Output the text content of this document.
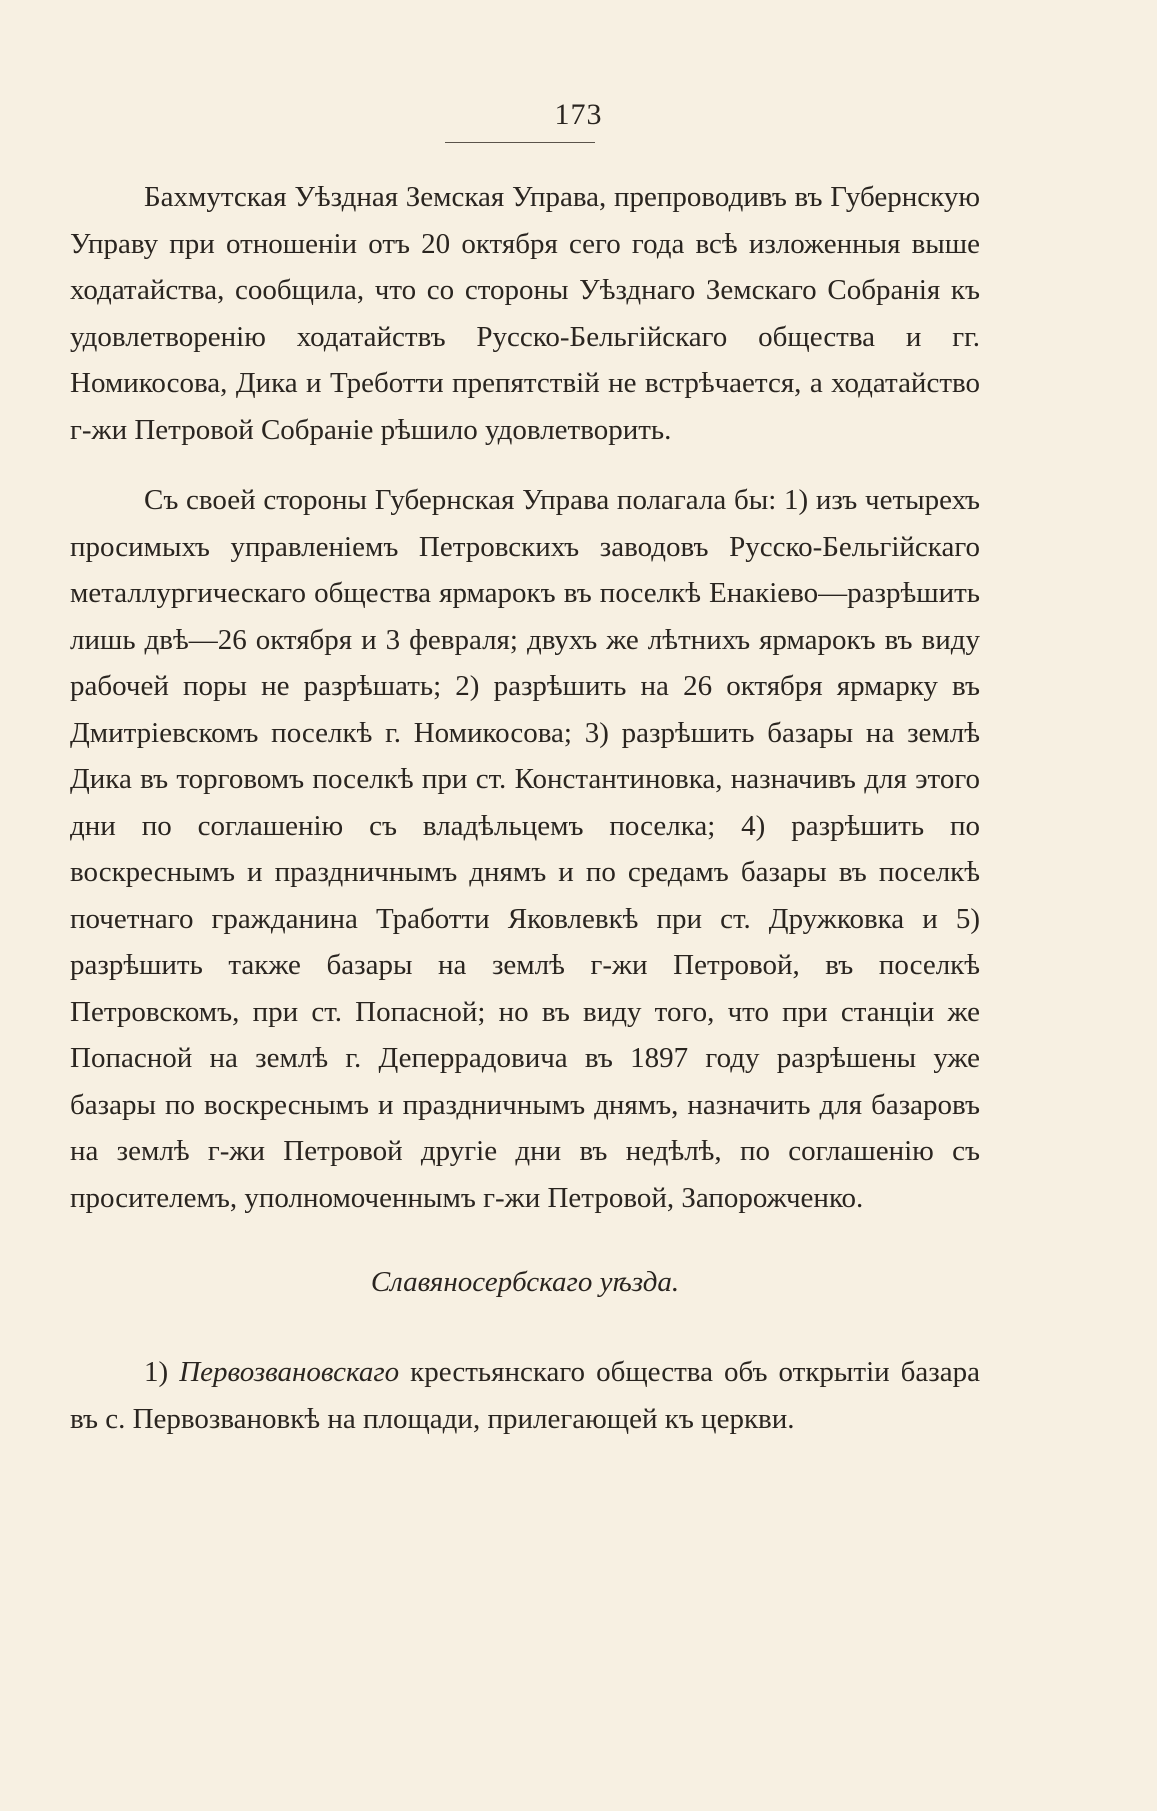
173

Бахмутская Уѣздная Земская Управа, препроводивъ въ Губернскую Управу при отношеніи отъ 20 октября сего года всѣ изложенныя выше ходатайства, сообщила, что со стороны Уѣзднаго Земскаго Собранія къ удовлетворенію ходатайствъ Русско-Бельгійскаго общества и гг. Номикосова, Дика и Треботти препятствій не встрѣчается, а ходатайство г-жи Петровой Собраніе рѣшило удовлетворить.

Съ своей стороны Губернская Управа полагала бы: 1) изъ четырехъ просимыхъ управленіемъ Петровскихъ заводовъ Русско-Бельгійскаго металлургическаго общества ярмарокъ въ поселкѣ Енакіево—разрѣшить лишь двѣ—26 октября и 3 февраля; двухъ же лѣтнихъ ярмарокъ въ виду рабочей поры не разрѣшать; 2) разрѣшить на 26 октября ярмарку въ Дмитріевскомъ поселкѣ г. Номикосова; 3) разрѣшить базары на землѣ Дика въ торговомъ поселкѣ при ст. Константиновка, назначивъ для этого дни по соглашенію съ владѣльцемъ поселка; 4) разрѣшить по воскреснымъ и праздничнымъ днямъ и по средамъ базары въ поселкѣ почетнаго гражданина Тработти Яковлевкѣ при ст. Дружковка и 5) разрѣшить также базары на землѣ г-жи Петровой, въ поселкѣ Петровскомъ, при ст. Попасной; но въ виду того, что при станціи же Попасной на землѣ г. Деперрадовича въ 1897 году разрѣшены уже базары по воскреснымъ и праздничнымъ днямъ, назначить для базаровъ на землѣ г-жи Петровой другіе дни въ недѣлѣ, по соглашенію съ просителемъ, уполномоченнымъ г-жи Петровой, Запорожченко.

Славяносербскаго уѣзда.

1) Первозвановскаго крестьянскаго общества объ открытіи базара въ с. Первозвановкѣ на площади, прилегающей къ церкви.
